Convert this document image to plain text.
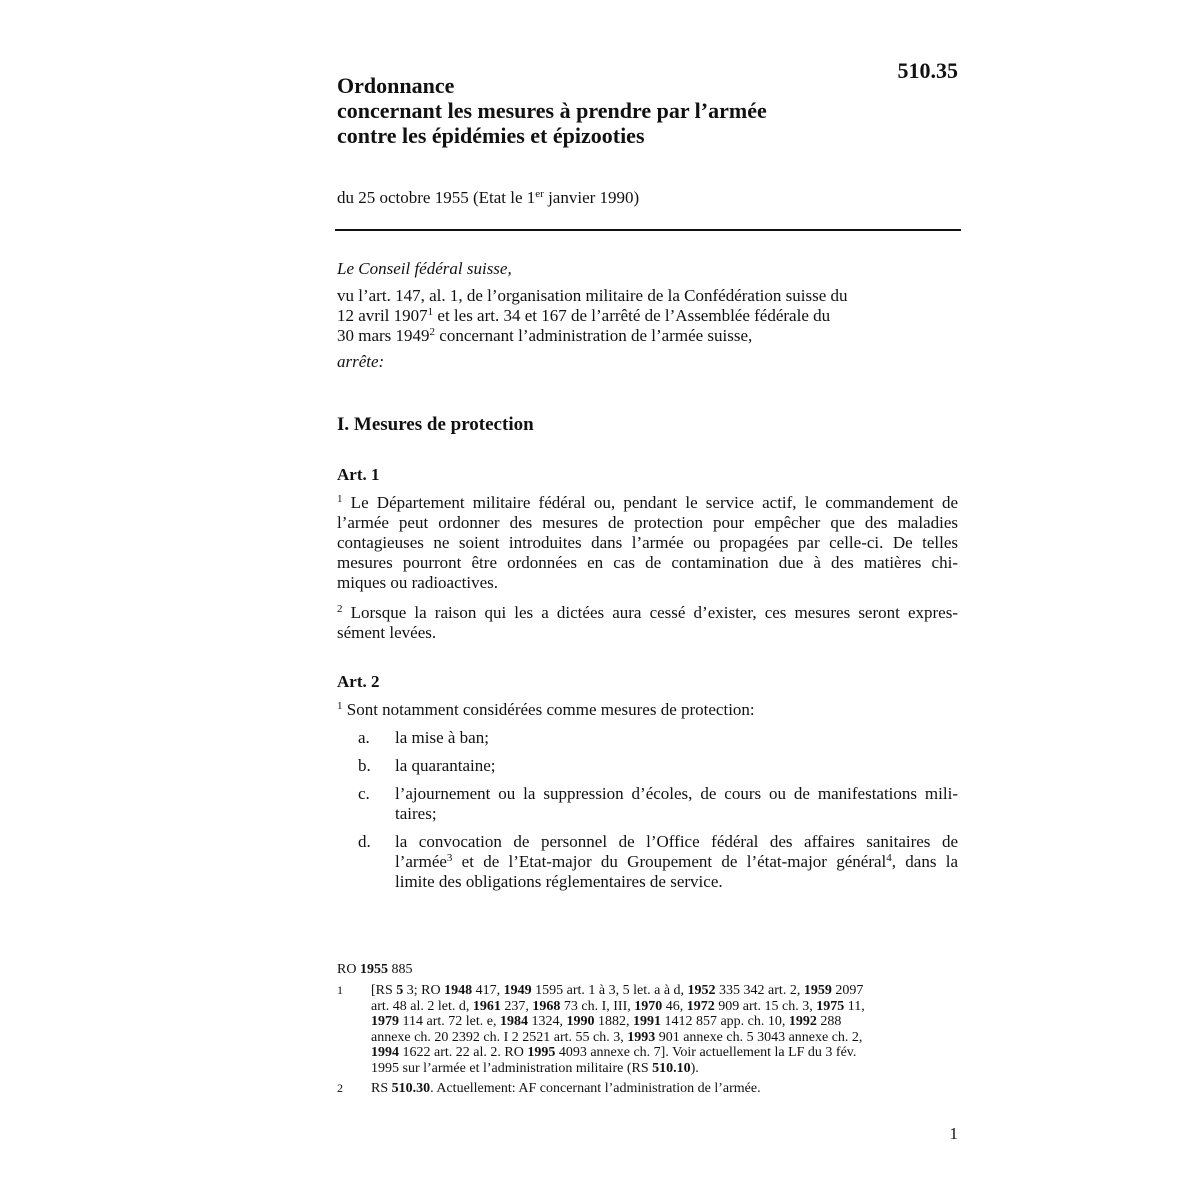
510.35
Ordonnance
concernant les mesures à prendre par l’armée
contre les épidémies et épizooties
du 25 octobre 1955 (Etat le 1er janvier 1990)
Le Conseil fédéral suisse,
vu l’art. 147, al. 1, de l’organisation militaire de la Confédération suisse du
12 avril 1907$^1$ et les art. 34 et 167 de l’arrêté de l’Assemblée fédérale du
30 mars 1949$^2$ concernant l’administration de l’armée suisse,
arrête:
I. Mesures de protection
Art. 1
$^1$ Le Département militaire fédéral ou, pendant le service actif, le commandement de
l’armée peut ordonner des mesures de protection pour empêcher que des maladies
contagieuses ne soient introduites dans l’armée ou propagées par celle-ci. De telles
mesures pourront être ordonnées en cas de contamination due à des matières chi-
miques ou radioactives.
$^2$ Lorsque la raison qui les a dictées aura cessé d’exister, ces mesures seront expres-
sément levées.
Art. 2
$^1$ Sont notamment considérées comme mesures de protection:
a. la mise à ban;
b. la quarantaine;
c. l’ajournement ou la suppression d’écoles, de cours ou de manifestations mili-
taires;
d. la convocation de personnel de l’Office fédéral des affaires sanitaires de
l’armée$^3$ et de l’Etat-major du Groupement de l’état-major général$^4$, dans la
limite des obligations réglementaires de service.
RO 1955 885
1 [RS 5 3; RO 1948 417, 1949 1595 art. 1 à 3, 5 let. a à d, 1952 335 342 art. 2, 1959 2097
art. 48 al. 2 let. d, 1961 237, 1968 73 ch. I, III, 1970 46, 1972 909 art. 15 ch. 3, 1975 11,
1979 114 art. 72 let. e, 1984 1324, 1990 1882, 1991 1412 857 app. ch. 10, 1992 288
annexe ch. 20 2392 ch. I 2 2521 art. 55 ch. 3, 1993 901 annexe ch. 5 3043 annexe ch. 2,
1994 1622 art. 22 al. 2. RO 1995 4093 annexe ch. 7]. Voir actuellement la LF du 3 fév.
1995 sur l’armée et l’administration militaire (RS 510.10).
2 RS 510.30. Actuellement: AF concernant l’administration de l’armée.
1
